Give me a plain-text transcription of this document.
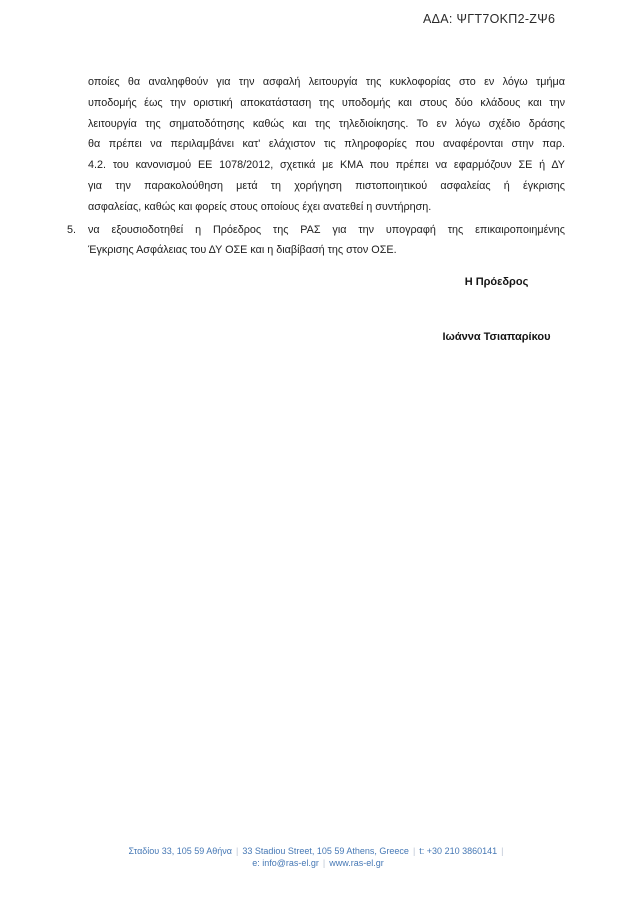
ΑΔΑ: ΨΓΤ7ΟΚΠ2-ΖΨ6
οποίες θα αναληφθούν για την ασφαλή λειτουργία της κυκλοφορίας στο εν λόγω τμήμα
υποδομής έως την οριστική αποκατάσταση της υποδομής και στους δύο κλάδους και την
λειτουργία της σηματοδότησης καθώς και της τηλεδιοίκησης. Το εν λόγω σχέδιο δράσης
θα πρέπει να περιλαμβάνει κατ' ελάχιστον τις πληροφορίες που αναφέρονται στην παρ.
4.2. του κανονισμού ΕΕ 1078/2012, σχετικά με ΚΜΑ που πρέπει να εφαρμόζουν ΣΕ ή ΔΥ
για την παρακολούθηση μετά τη χορήγηση πιστοποιητικού ασφαλείας ή έγκρισης
ασφαλείας, καθώς και φορείς στους οποίους έχει ανατεθεί η συντήρηση.
5. να εξουσιοδοτηθεί η Πρόεδρος της ΡΑΣ για την υπογραφή της επικαιροποιημένης
Έγκρισης Ασφάλειας του ΔΥ ΟΣΕ και η διαβίβασή της στον ΟΣΕ.
Η Πρόεδρος
Ιωάννα Τσιαπαρίκου
Σταδίου 33, 105 59 Αθήνα | 33 Stadiou Street, 105 59 Athens, Greece | t: +30 210 3860141 |
e: info@ras-el.gr | www.ras-el.gr
